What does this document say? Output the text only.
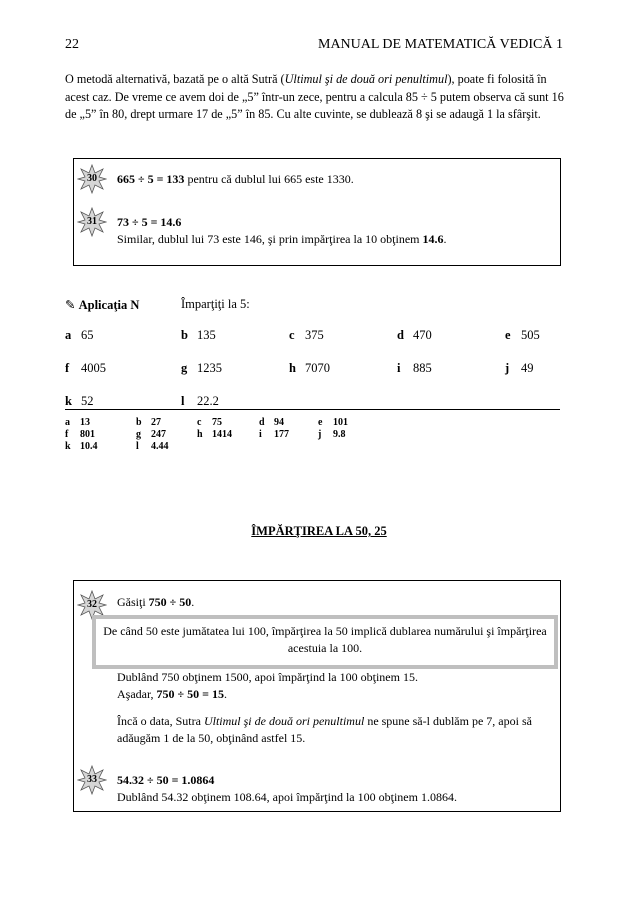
22	MANUAL DE MATEMATICĂ VEDICĂ 1
O metodă alternativă, bazată pe o altă Sutră (Ultimul şi de două ori penultimul), poate fi folosită în acest caz. De vreme ce avem doi de „5” într-un zece, pentru a calcula 85 ÷ 5 putem observa că sunt 16 de „5” în 80, drept urmare 17 de „5” în 85. Cu alte cuvinte, se dublează 8 şi se adaugă 1 la sfârşit.
30	665 ÷ 5 = 133 pentru că dublul lui 665 este 1330.
31	73 ÷ 5 = 14.6
Similar, dublul lui 73 este 146, şi prin impărţirea la 10 obţinem 14.6.
✎ Aplicaţia N	Împarţiţi la 5:
a 65	b 135	c 375	d 470	e 505
f 4005	g 1235	h 7070	i 885	j 49
k 52	l 22.2
a 13	b 27	c 75	d 94	e 101
f 801	g 247	h 1414	i 177	j 9.8
k 10.4	l 4.44
ÎMPĂRŢIREA LA 50, 25
32	Găsiţi 750 ÷ 50.
De când 50 este jumătatea lui 100, împărţirea la 50 implică dublarea numărului şi împărţirea acestuia la 100.
Dublând 750 obţinem 1500, apoi împărţind la 100 obţinem 15.
Aşadar, 750 ÷ 50 = 15.
Încă o data, Sutra Ultimul şi de două ori penultimul ne spune să-l dublăm pe 7, apoi să adăugăm 1 de la 50, obţinând astfel 15.
33	54.32 ÷ 50 = 1.0864
Dublând 54.32 obţinem 108.64, apoi împărţind la 100 obţinem 1.0864.
